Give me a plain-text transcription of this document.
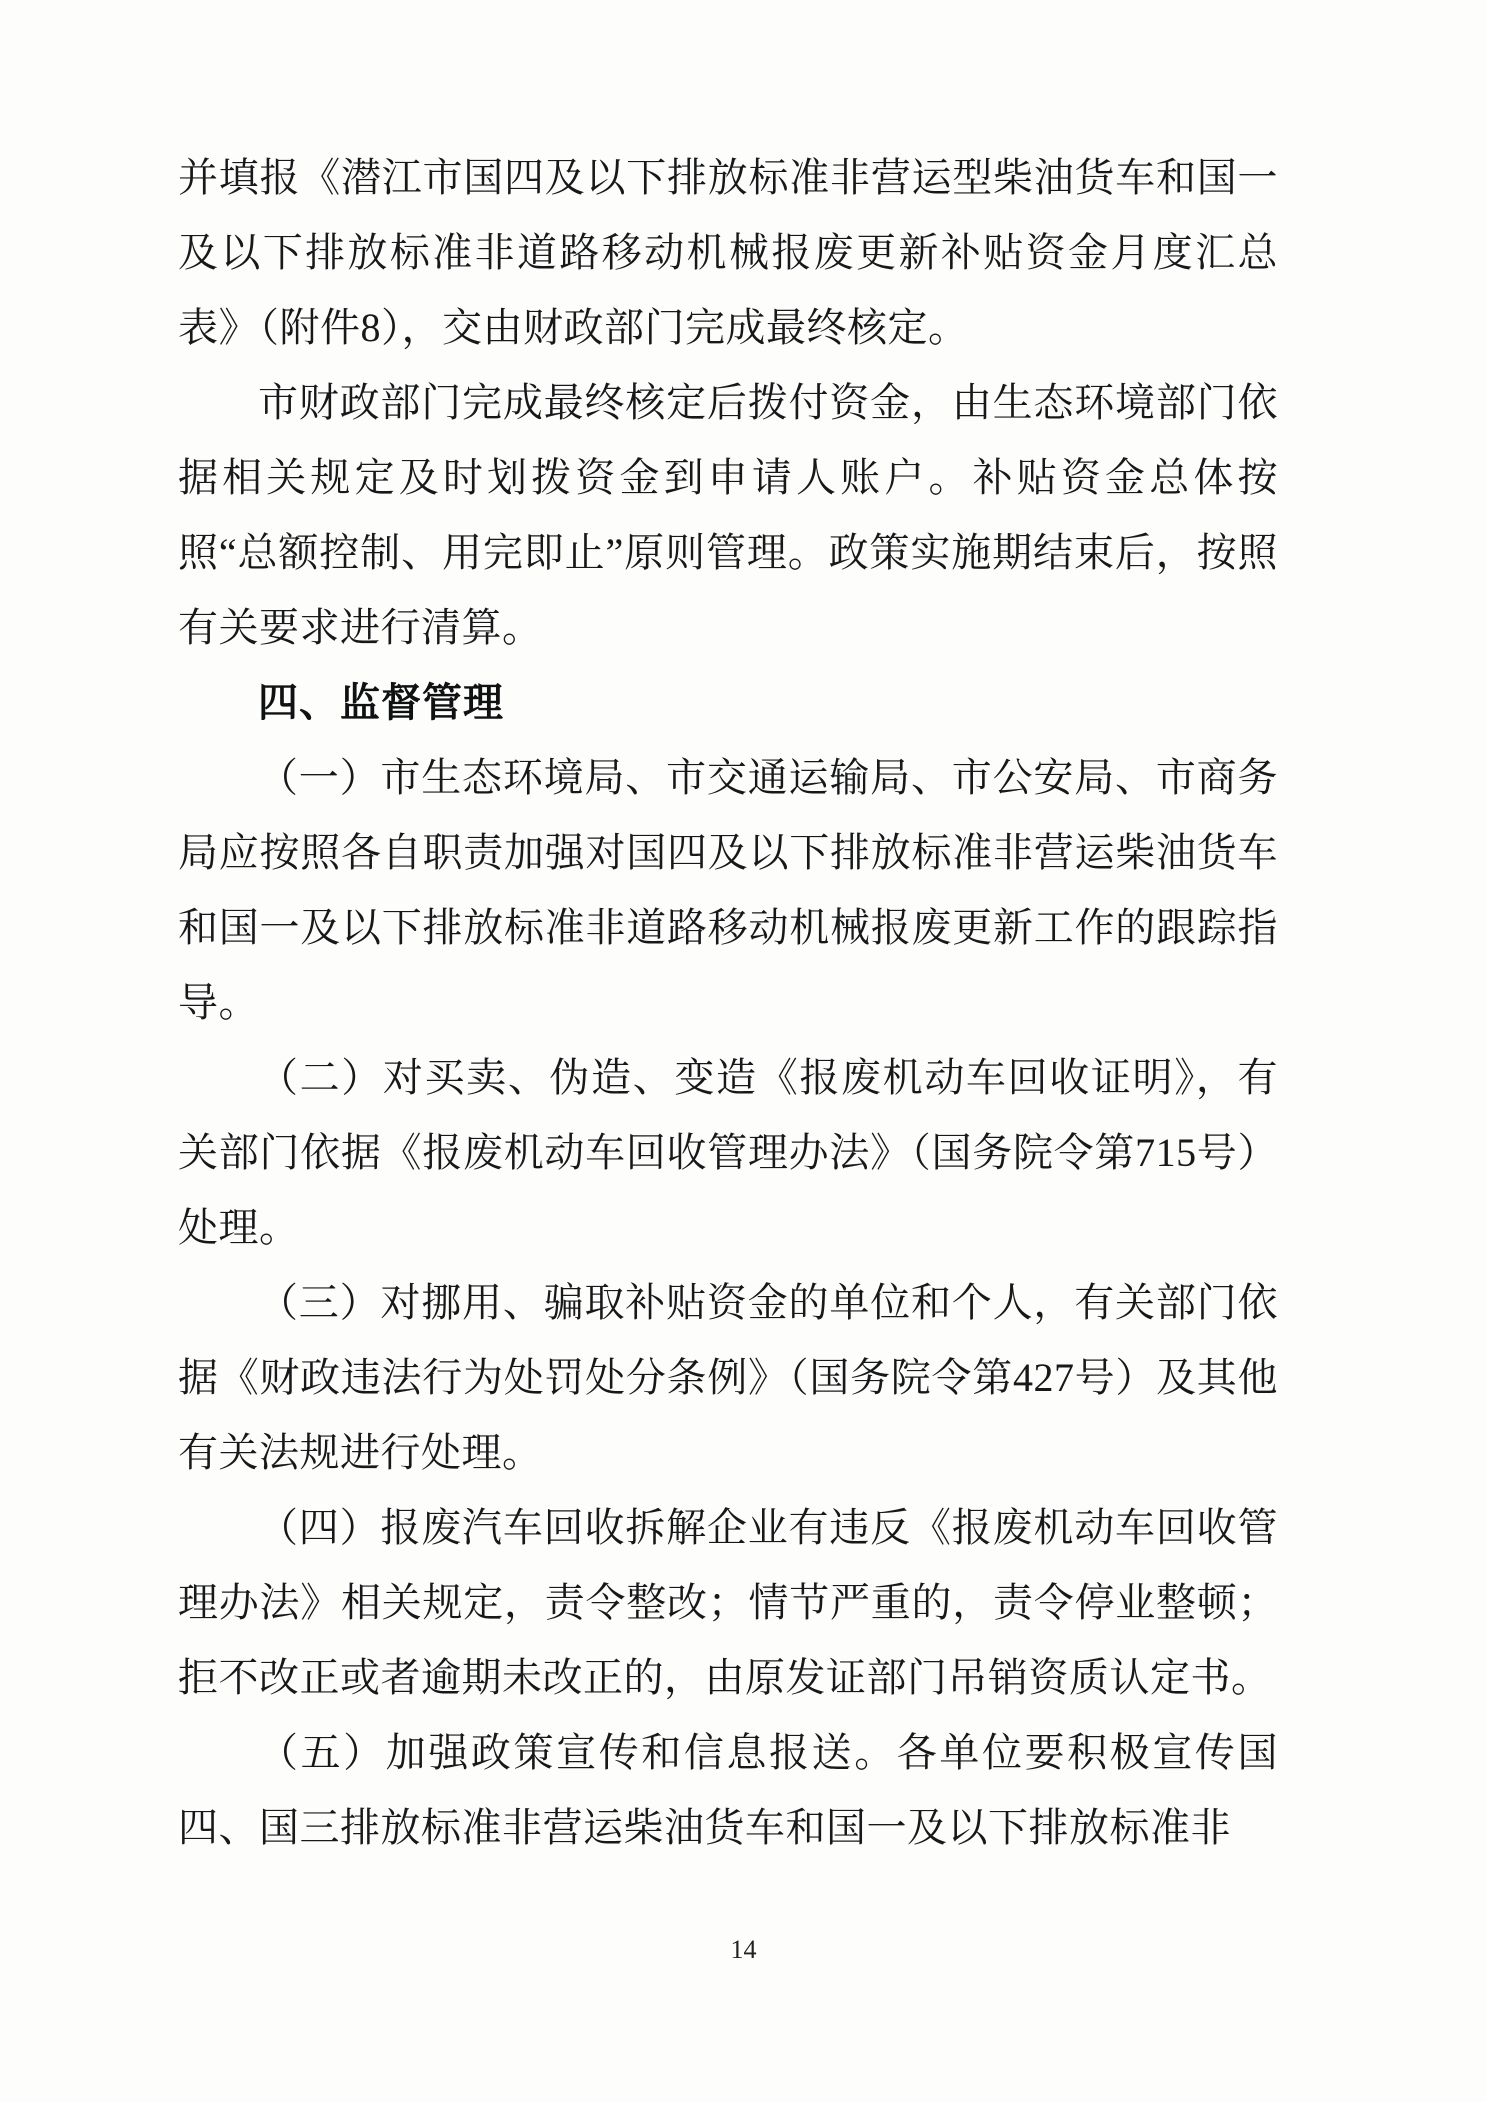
并填报《潜江市国四及以下排放标准非营运型柴油货车和国一及以下排放标准非道路移动机械报废更新补贴资金月度汇总表》（附件8），交由财政部门完成最终核定。

市财政部门完成最终核定后拨付资金，由生态环境部门依据相关规定及时划拨资金到申请人账户。补贴资金总体按照“总额控制、用完即止”原则管理。政策实施期结束后，按照有关要求进行清算。

四、监督管理

（一）市生态环境局、市交通运输局、市公安局、市商务局应按照各自职责加强对国四及以下排放标准非营运柴油货车和国一及以下排放标准非道路移动机械报废更新工作的跟踪指导。

（二）对买卖、伪造、变造《报废机动车回收证明》，有关部门依据《报废机动车回收管理办法》（国务院令第715号）处理。

（三）对挪用、骗取补贴资金的单位和个人，有关部门依据《财政违法行为处罚处分条例》（国务院令第427号）及其他有关法规进行处理。

（四）报废汽车回收拆解企业有违反《报废机动车回收管理办法》相关规定，责令整改；情节严重的，责令停业整顿；拒不改正或者逾期未改正的，由原发证部门吊销资质认定书。

（五）加强政策宣传和信息报送。各单位要积极宣传国四、国三排放标准非营运柴油货车和国一及以下排放标准非

14
